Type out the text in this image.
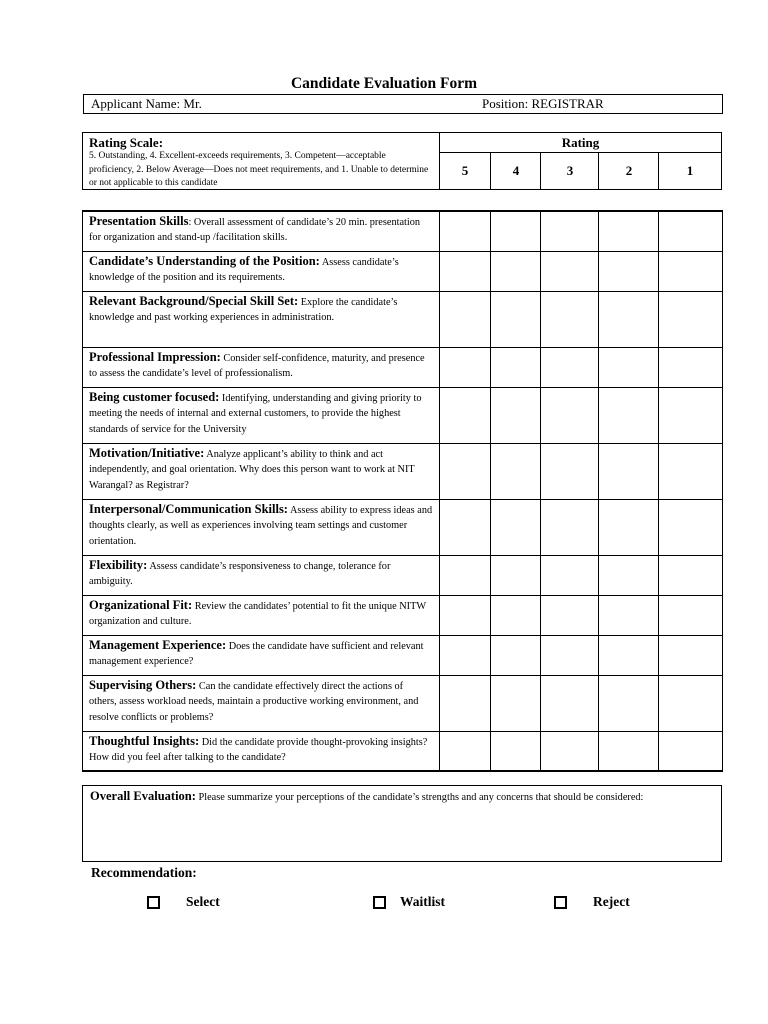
Candidate Evaluation Form
Applicant Name: Mr.	Position: REGISTRAR
Rating Scale:
5. Outstanding, 4. Excellent-exceeds requirements, 3. Competent—acceptable proficiency, 2. Below Average—Does not meet requirements, and 1. Unable to determine or not applicable to this candidate
Rating
5	4	3	2	1
Presentation Skills: Overall assessment of candidate’s 20 min. presentation for organization and stand-up /facilitation skills.
Candidate’s Understanding of the Position: Assess candidate’s knowledge of the position and its requirements.
Relevant Background/Special Skill Set: Explore the candidate’s knowledge and past working experiences in administration.
Professional Impression: Consider self-confidence, maturity, and presence to assess the candidate’s level of professionalism.
Being customer focused: Identifying, understanding and giving priority to meeting the needs of internal and external customers, to provide the highest standards of service for the University
Motivation/Initiative: Analyze applicant’s ability to think and act independently, and goal orientation. Why does this person want to work at NIT Warangal? as Registrar?
Interpersonal/Communication Skills: Assess ability to express ideas and thoughts clearly, as well as experiences involving team settings and customer orientation.
Flexibility: Assess candidate’s responsiveness to change, tolerance for ambiguity.
Organizational Fit: Review the candidates’ potential to fit the unique NITW organization and culture.
Management Experience: Does the candidate have sufficient and relevant management experience?
Supervising Others: Can the candidate effectively direct the actions of others, assess workload needs, maintain a productive working environment, and resolve conflicts or problems?
Thoughtful Insights: Did the candidate provide thought-provoking insights? How did you feel after talking to the candidate?
Overall Evaluation: Please summarize your perceptions of the candidate’s strengths and any concerns that should be considered:
Recommendation:
Select	Waitlist	Reject
